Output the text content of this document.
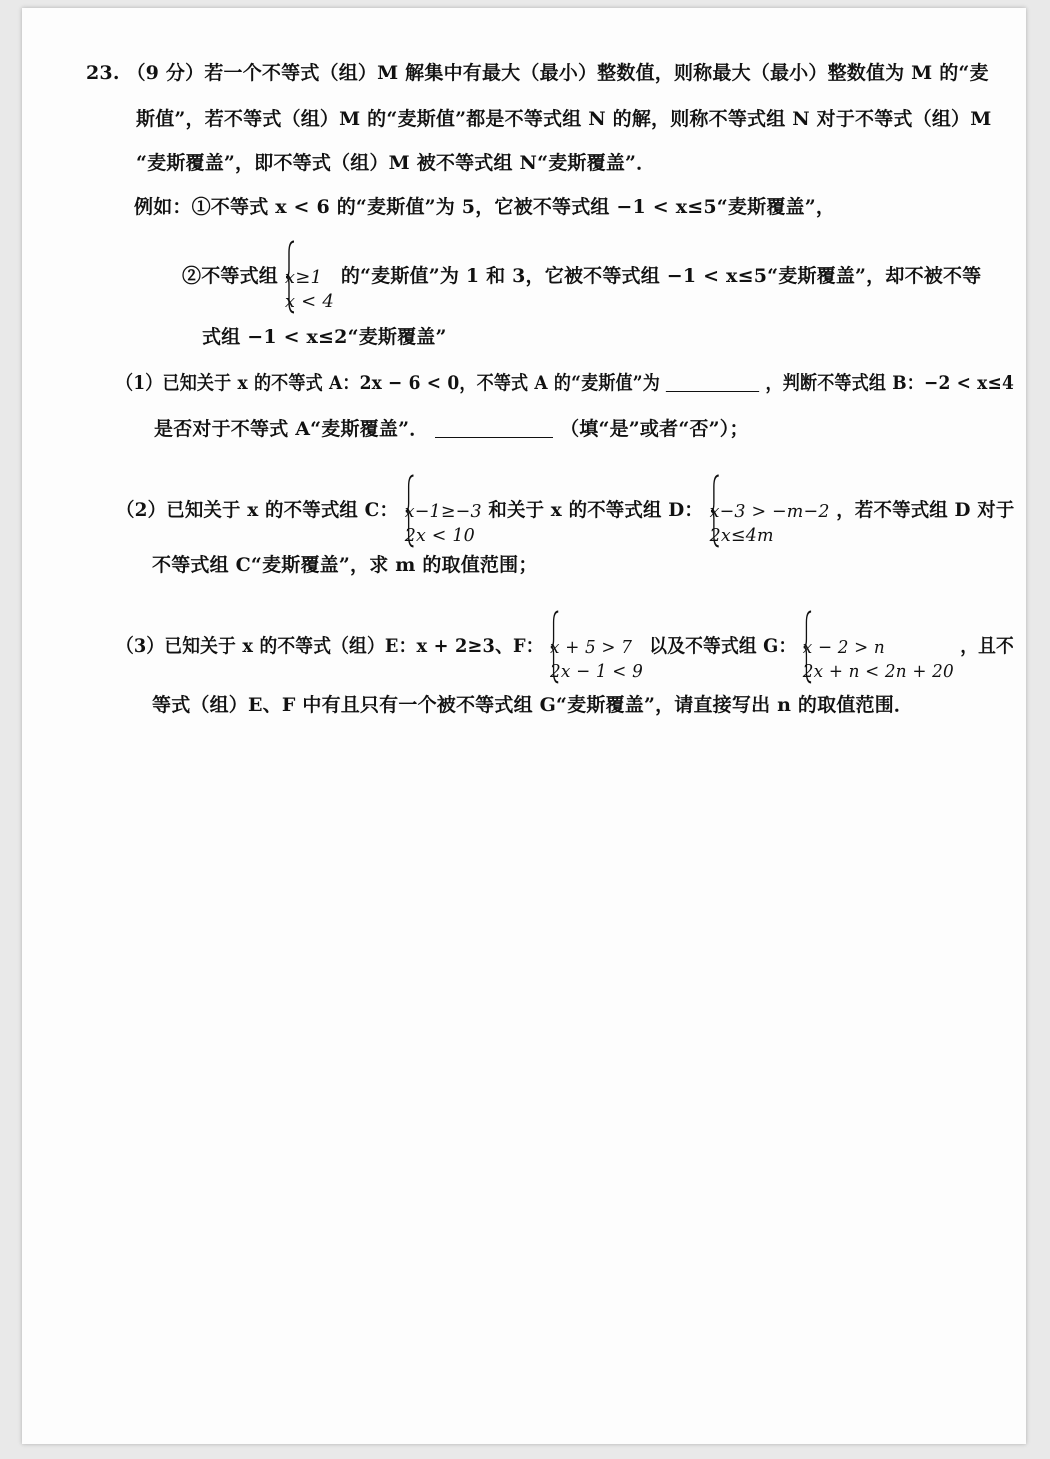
23. （9 分）若一个不等式（组）M 解集中有最大（最小）整数值，则称最大（最小）整数值为 M 的“麦
斯值”，若不等式（组）M 的“麦斯值”都是不等式组 N 的解，则称不等式组 N 对于不等式（组）M
“麦斯覆盖”，即不等式（组）M 被不等式组 N“麦斯覆盖”．
例如：①不等式 x < 6 的“麦斯值”为 5，它被不等式组 −1 < x≤5“麦斯覆盖”，
②不等式组 x≥1
x < 4
的“麦斯值”为 1 和 3，它被不等式组 −1 < x≤5“麦斯覆盖”，却不被不等
式组 −1 < x≤2“麦斯覆盖”
（1）已知关于 x 的不等式 A：2x − 6 < 0，不等式 A 的“麦斯值”为	，判断不等式组 B：−2 < x≤4
是否对于不等式 A“麦斯覆盖”．	（填“是”或者“否”）；
（2）已知关于 x 的不等式组 C： x−1≥−3
2x < 10
和关于 x 的不等式组 D： x−3 > −m−2
2x≤4m
，若不等式组 D 对于
不等式组 C“麦斯覆盖”，求 m 的取值范围；
（3）已知关于 x 的不等式（组）E：x + 2≥3、F： x + 5 > 7
2x − 1 < 9
以及不等式组 G： x − 2 > n
2x + n < 2n + 20
，且不
等式（组）E、F 中有且只有一个被不等式组 G“麦斯覆盖”，请直接写出 n 的取值范围．
